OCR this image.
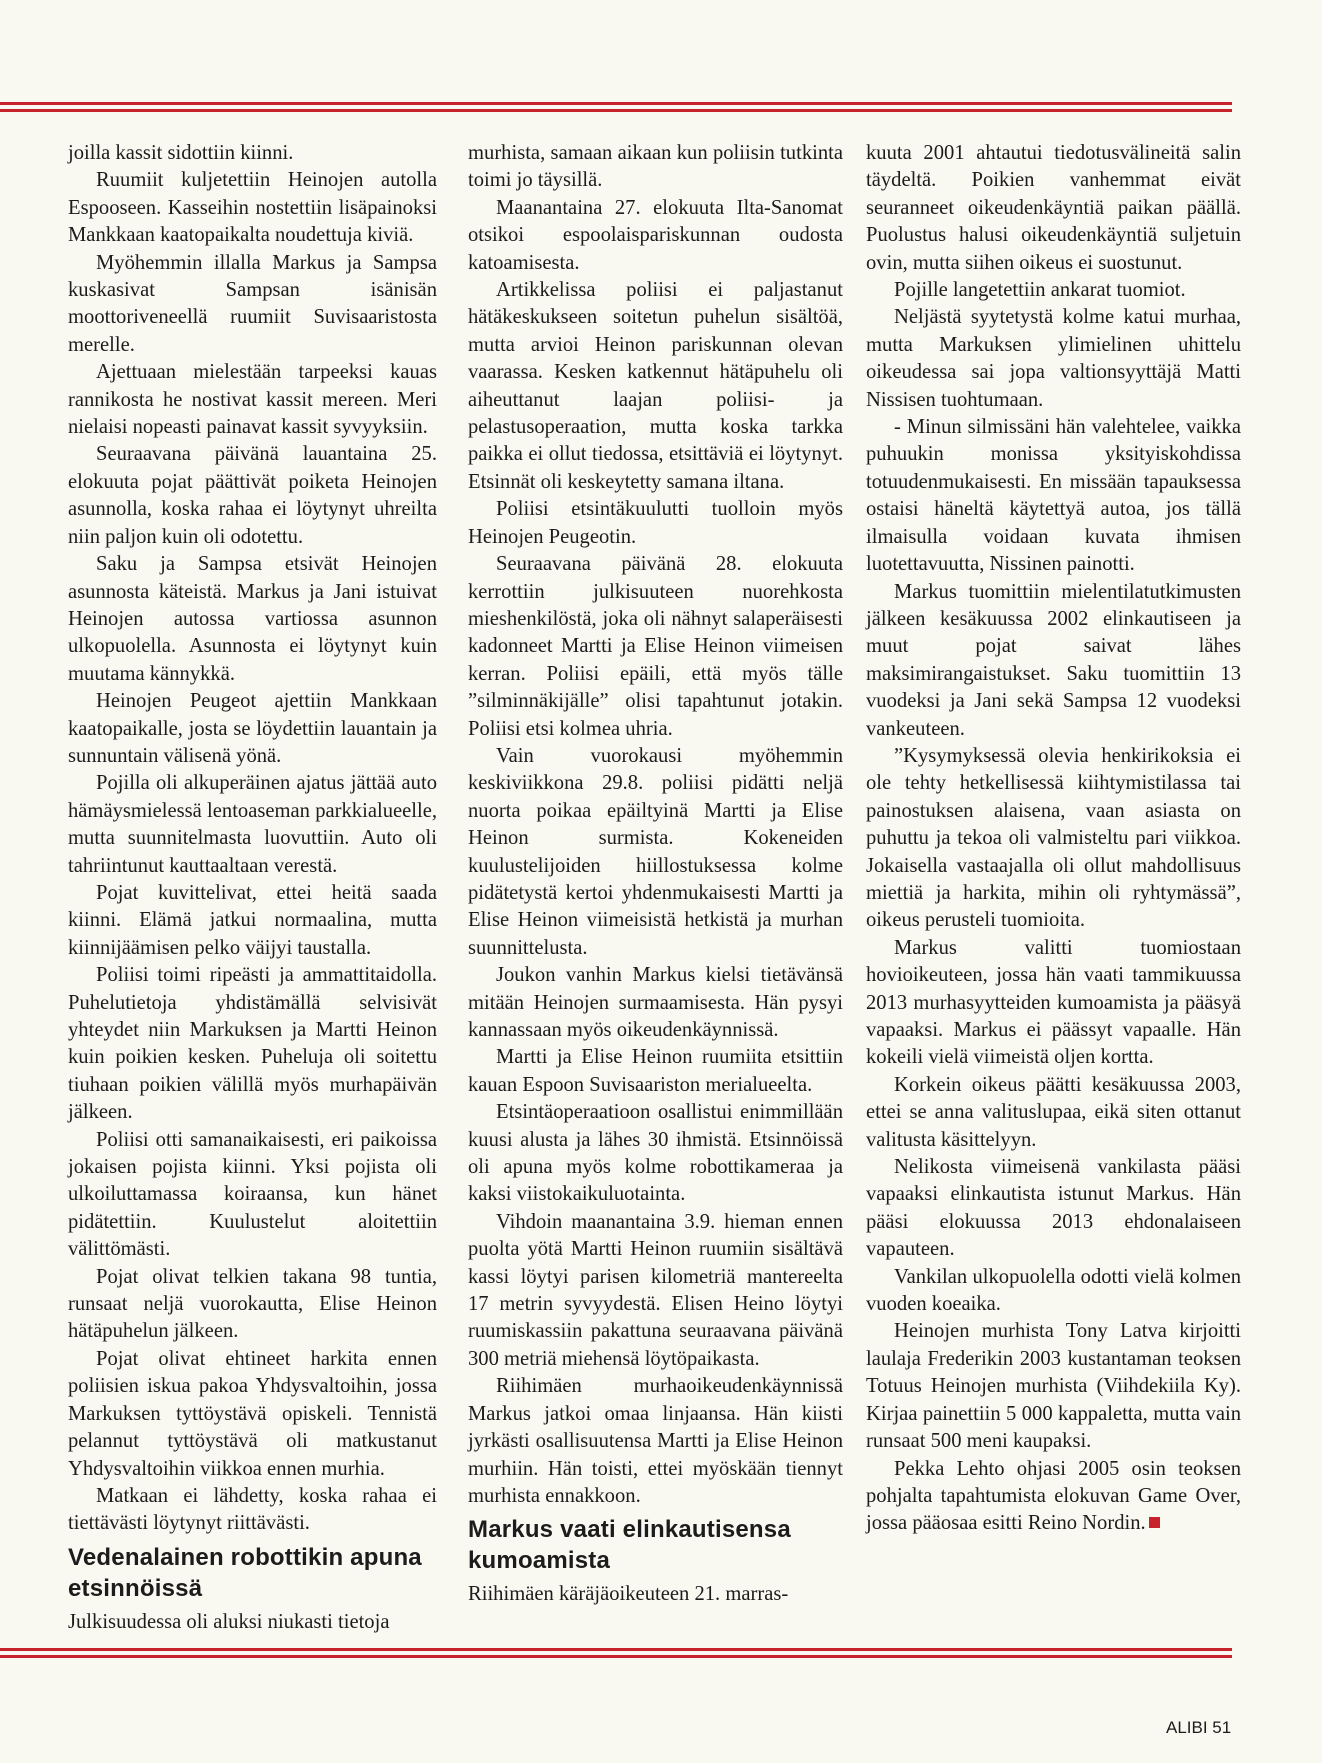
joilla kassit sidottiin kiinni.

Ruumiit kuljetettiin Heinojen autolla Espooseen. Kasseihin nostettiin lisäpainoksi Mankkaan kaatopaikalta noudettuja kiviä.

Myöhemmin illalla Markus ja Sampsa kuskasivat Sampsan isänisän moottoriveneellä ruumiit Suvisaaristosta merelle.

Ajettuaan mielestään tarpeeksi kauas rannikosta he nostivat kassit mereen. Meri nielaisi nopeasti painavat kassit syvyyksiin.

Seuraavana päivänä lauantaina 25. elokuuta pojat päättivät poiketa Heinojen asunnolla, koska rahaa ei löytynyt uhreilta niin paljon kuin oli odotettu.

Saku ja Sampsa etsivät Heinojen asunnosta käteistä. Markus ja Jani istuivat Heinojen autossa vartiossa asunnon ulkopuolella. Asunnosta ei löytynyt kuin muutama kännykkä.

Heinojen Peugeot ajettiin Mankkaan kaatopaikalle, josta se löydettiin lauantain ja sunnuntain välisenä yönä.

Pojilla oli alkuperäinen ajatus jättää auto hämäysmielessä lentoaseman parkkialueelle, mutta suunnitelmasta luovuttiin. Auto oli tahriintunut kauttaaltaan verestä.

Pojat kuvittelivat, ettei heitä saada kiinni. Elämä jatkui normaalina, mutta kiinnijäämisen pelko väijyi taustalla.

Poliisi toimi ripeästi ja ammattitaidolla. Puhelutietoja yhdistämällä selvisivät yhteydet niin Markuksen ja Martti Heinon kuin poikien kesken. Puheluja oli soitettu tiuhaan poikien välillä myös murhapäivän jälkeen.

Poliisi otti samanaikaisesti, eri paikoissa jokaisen pojista kiinni. Yksi pojista oli ulkoiluttamassa koiraansa, kun hänet pidätettiin. Kuulustelut aloitettiin välittömästi.

Pojat olivat telkien takana 98 tuntia, runsaat neljä vuorokautta, Elise Heinon hätäpuhelun jälkeen.

Pojat olivat ehtineet harkita ennen poliisien iskua pakoa Yhdysvaltoihin, jossa Markuksen tyttöystävä opiskeli. Tennistä pelannut tyttöystävä oli matkustanut Yhdysvaltoihin viikkoa ennen murhia.

Matkaan ei lähdetty, koska rahaa ei tiettävästi löytynyt riittävästi.

Vedenalainen robottikin apuna etsinnöissä

Julkisuudessa oli aluksi niukasti tietoja

murhista, samaan aikaan kun poliisin tutkinta toimi jo täysillä.

Maanantaina 27. elokuuta Ilta-Sanomat otsikoi espoolaispariskunnan oudosta katoamisesta.

Artikkelissa poliisi ei paljastanut hätäkeskukseen soitetun puhelun sisältöä, mutta arvioi Heinon pariskunnan olevan vaarassa. Kesken katkennut hätäpuhelu oli aiheuttanut laajan poliisi- ja pelastusoperaation, mutta koska tarkka paikka ei ollut tiedossa, etsittäviä ei löytynyt. Etsinnät oli keskeytetty samana iltana.

Poliisi etsintäkuulutti tuolloin myös Heinojen Peugeotin.

Seuraavana päivänä 28. elokuuta kerrottiin julkisuuteen nuorehkosta mieshenkilöstä, joka oli nähnyt salaperäisesti kadonneet Martti ja Elise Heinon viimeisen kerran. Poliisi epäili, että myös tälle ”silminnäkijälle” olisi tapahtunut jotakin. Poliisi etsi kolmea uhria.

Vain vuorokausi myöhemmin keskiviikkona 29.8. poliisi pidätti neljä nuorta poikaa epäiltyinä Martti ja Elise Heinon surmista. Kokeneiden kuulustelijoiden hiillostuksessa kolme pidätetystä kertoi yhdenmukaisesti Martti ja Elise Heinon viimeisistä hetkistä ja murhan suunnittelusta.

Joukon vanhin Markus kielsi tietävänsä mitään Heinojen surmaamisesta. Hän pysyi kannassaan myös oikeudenkäynnissä.

Martti ja Elise Heinon ruumiita etsittiin kauan Espoon Suvisaariston merialueelta.

Etsintäoperaatioon osallistui enimmillään kuusi alusta ja lähes 30 ihmistä. Etsinnöissä oli apuna myös kolme robottikameraa ja kaksi viistokaikuluotainta.

Vihdoin maanantaina 3.9. hieman ennen puolta yötä Martti Heinon ruumiin sisältävä kassi löytyi parisen kilometriä mantereelta 17 metrin syvyydestä. Elisen Heino löytyi ruumiskassiin pakattuna seuraavana päivänä 300 metriä miehensä löytöpaikasta.

Riihimäen murhaoikeudenkäynnissä Markus jatkoi omaa linjaansa. Hän kiisti jyrkästi osallisuutensa Martti ja Elise Heinon murhiin. Hän toisti, ettei myöskään tiennyt murhista ennakkoon.

Markus vaati elinkautisensa kumoamista

Riihimäen käräjäoikeuteen 21. marras-

kuuta 2001 ahtautui tiedotusvälineitä salin täydeltä. Poikien vanhemmat eivät seuranneet oikeudenkäyntiä paikan päällä. Puolustus halusi oikeudenkäyntiä suljetuin ovin, mutta siihen oikeus ei suostunut.

Pojille langetettiin ankarat tuomiot.

Neljästä syytetystä kolme katui murhaa, mutta Markuksen ylimielinen uhittelu oikeudessa sai jopa valtionsyyttäjä Matti Nissisen tuohtumaan.

- Minun silmissäni hän valehtelee, vaikka puhuukin monissa yksityiskohdissa totuudenmukaisesti. En missään tapauksessa ostaisi häneltä käytettyä autoa, jos tällä ilmaisulla voidaan kuvata ihmisen luotettavuutta, Nissinen painotti.

Markus tuomittiin mielentilatutkimusten jälkeen kesäkuussa 2002 elinkautiseen ja muut pojat saivat lähes maksimirangaistukset. Saku tuomittiin 13 vuodeksi ja Jani sekä Sampsa 12 vuodeksi vankeuteen.

”Kysymyksessä olevia henkirikoksia ei ole tehty hetkellisessä kiihtymistilassa tai painostuksen alaisena, vaan asiasta on puhuttu ja tekoa oli valmisteltu pari viikkoa. Jokaisella vastaajalla oli ollut mahdollisuus miettiä ja harkita, mihin oli ryhtymässä”, oikeus perusteli tuomioita.

Markus valitti tuomiostaan hovioikeuteen, jossa hän vaati tammikuussa 2013 murhasyytteiden kumoamista ja pääsyä vapaaksi. Markus ei päässyt vapaalle. Hän kokeili vielä viimeistä oljen kortta.

Korkein oikeus päätti kesäkuussa 2003, ettei se anna valituslupaa, eikä siten ottanut valitusta käsittelyyn.

Nelikosta viimeisenä vankilasta pääsi vapaaksi elinkautista istunut Markus. Hän pääsi elokuussa 2013 ehdonalaiseen vapauteen.

Vankilan ulkopuolella odotti vielä kolmen vuoden koeaika.

Heinojen murhista Tony Latva kirjoitti laulaja Frederikin 2003 kustantaman teoksen Totuus Heinojen murhista (Viihdekiila Ky). Kirjaa painettiin 5 000 kappaletta, mutta vain runsaat 500 meni kaupaksi.

Pekka Lehto ohjasi 2005 osin teoksen pohjalta tapahtumista elokuvan Game Over, jossa pääosaa esitti Reino Nordin.

ALIBI 51
